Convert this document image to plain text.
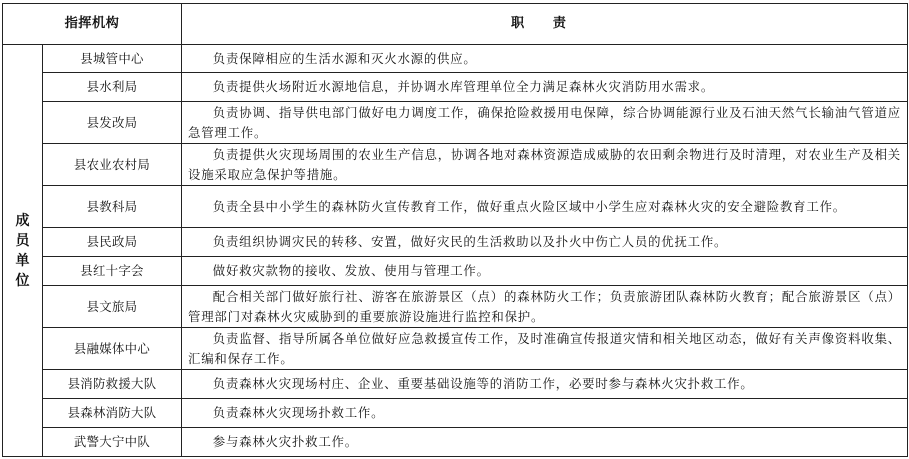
指挥机构		职 责
成员单位	县城管中心	负责保障相应的生活水源和灭火水源的供应。
	县水利局	负责提供火场附近水源地信息，并协调水库管理单位全力满足森林火灾消防用水需求。
	县发改局	负责协调、指导供电部门做好电力调度工作，确保抢险救援用电保障，综合协调能源行业及石油天然气长输油气管道应急管理工作。
	县农业农村局	负责提供火灾现场周围的农业生产信息，协调各地对森林资源造成威胁的农田剩余物进行及时清理，对农业生产及相关设施采取应急保护等措施。
	县教科局	负责全县中小学生的森林防火宣传教育工作，做好重点火险区域中小学生应对森林火灾的安全避险教育工作。
	县民政局	负责组织协调灾民的转移、安置，做好灾民的生活救助以及扑火中伤亡人员的优抚工作。
	县红十字会	做好救灾款物的接收、发放、使用与管理工作。
	县文旅局	配合相关部门做好旅行社、游客在旅游景区（点）的森林防火工作；负责旅游团队森林防火教育；配合旅游景区（点）管理部门对森林火灾威胁到的重要旅游设施进行监控和保护。
	县融媒体中心	负责监督、指导所属各单位做好应急救援宣传工作，及时准确宣传报道灾情和相关地区动态，做好有关声像资料收集、汇编和保存工作。
	县消防救援大队	负责森林火灾现场村庄、企业、重要基础设施等的消防工作，必要时参与森林火灾扑救工作。
	县森林消防大队	负责森林火灾现场扑救工作。
	武警大宁中队	参与森林火灾扑救工作。
